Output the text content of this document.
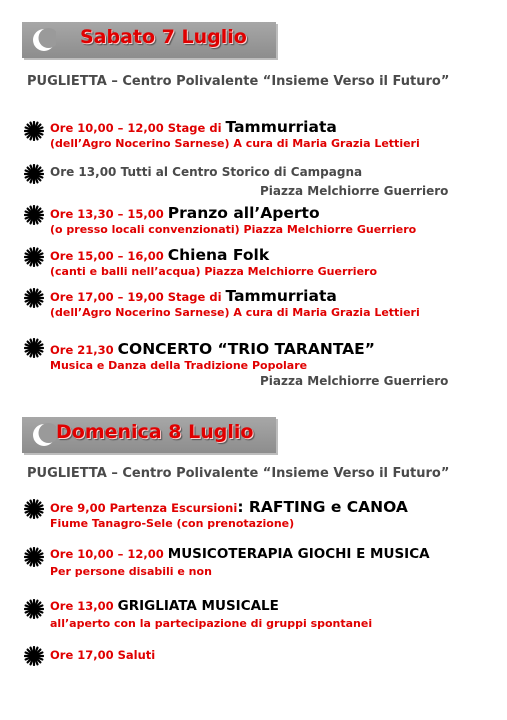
Sabato 7 Luglio
PUGLIETTA – Centro Polivalente “Insieme Verso il Futuro”
Ore 10,00 – 12,00 Stage di Tammurriata
(dell’Agro Nocerino Sarnese) A cura di Maria Grazia Lettieri
Ore 13,00 Tutti al Centro Storico di Campagna
Piazza Melchiorre Guerriero
Ore 13,30 – 15,00 Pranzo all’Aperto
(o presso locali convenzionati) Piazza Melchiorre Guerriero
Ore 15,00 – 16,00 Chiena Folk
(canti e balli nell’acqua) Piazza Melchiorre Guerriero
Ore 17,00 – 19,00 Stage di Tammurriata
(dell’Agro Nocerino Sarnese) A cura di Maria Grazia Lettieri
Ore 21,30 CONCERTO “TRIO TARANTAE”
Musica e Danza della Tradizione Popolare
Piazza Melchiorre Guerriero
Domenica 8 Luglio
PUGLIETTA – Centro Polivalente “Insieme Verso il Futuro”
Ore 9,00 Partenza Escursioni: RAFTING e CANOA
Fiume Tanagro-Sele (con prenotazione)
Ore 10,00 – 12,00 MUSICOTERAPIA GIOCHI E MUSICA
Per persone disabili e non
Ore 13,00 GRIGLIATA MUSICALE
all’aperto con la partecipazione di gruppi spontanei
Ore 17,00 Saluti
